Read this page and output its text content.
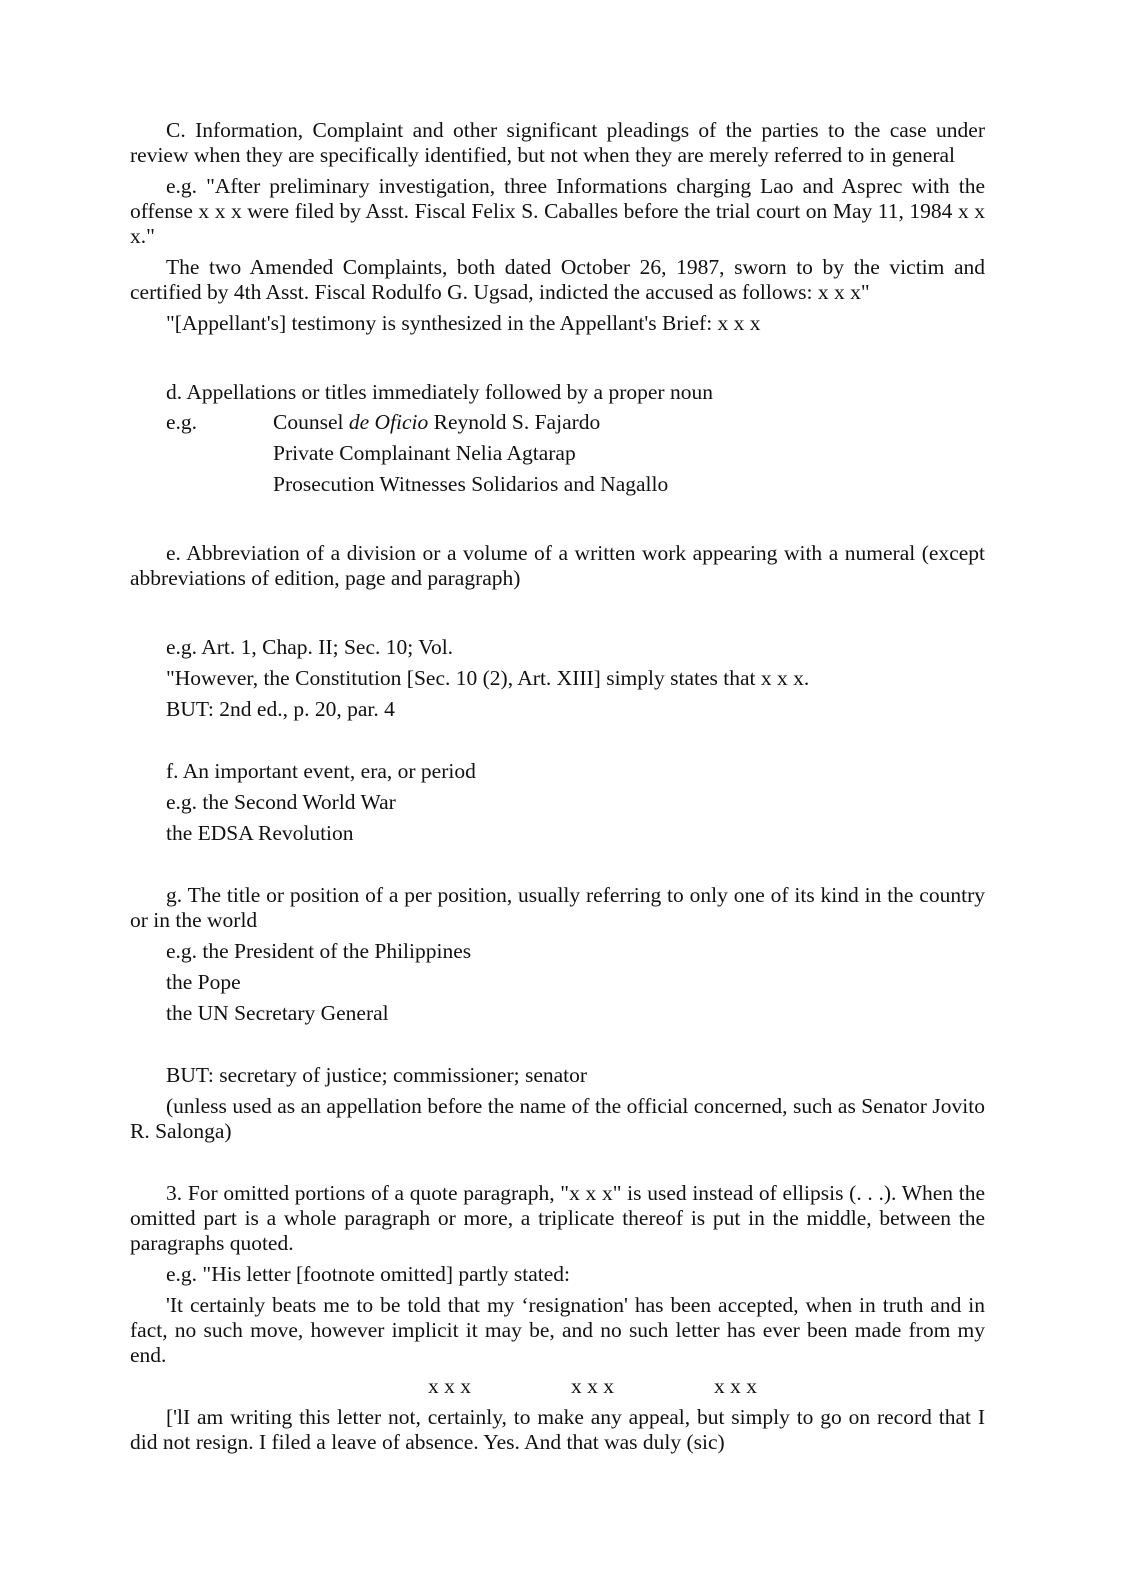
C. Information, Complaint and other significant pleadings of the parties to the case under review when they are specifically identified, but not when they are merely referred to in general

e.g. "After preliminary investigation, three Informations charging Lao and Asprec with the offense x x x were filed by Asst. Fiscal Felix S. Caballes before the trial court on May 11, 1984 x x x."

The two Amended Complaints, both dated October 26, 1987, sworn to by the victim and certified by 4th Asst. Fiscal Rodulfo G. Ugsad, indicted the accused as follows: x x x"

"[Appellant's] testimony is synthesized in the Appellant's Brief: x x x

d. Appellations or titles immediately followed by a proper noun

e.g.	Counsel de Oficio Reynold S. Fajardo

Private Complainant Nelia Agtarap

Prosecution Witnesses Solidarios and Nagallo

e. Abbreviation of a division or a volume of a written work appearing with a numeral (except abbreviations of edition, page and paragraph)

e.g. Art. 1, Chap. II; Sec. 10; Vol.

"However, the Constitution [Sec. 10 (2), Art. XIII] simply states that x x x.

BUT: 2nd ed., p. 20, par. 4

f. An important event, era, or period

e.g. the Second World War

the EDSA Revolution

g. The title or position of a per position, usually referring to only one of its kind in the country or in the world

e.g. the President of the Philippines

the Pope

the UN Secretary General

BUT: secretary of justice; commissioner; senator

(unless used as an appellation before the name of the official concerned, such as Senator Jovito R. Salonga)

3. For omitted portions of a quote paragraph, "x x x" is used instead of ellipsis (. . .). When the omitted part is a whole paragraph or more, a triplicate thereof is put in the middle, between the paragraphs quoted.

e.g. "His letter [footnote omitted] partly stated:

'It certainly beats me to be told that my ‘resignation' has been accepted, when in truth and in fact, no such move, however implicit it may be, and no such letter has ever been made from my end.

x x x	x x x	x x x

['lI am writing this letter not, certainly, to make any appeal, but simply to go on record that I did not resign. I filed a leave of absence. Yes. And that was duly (sic)
